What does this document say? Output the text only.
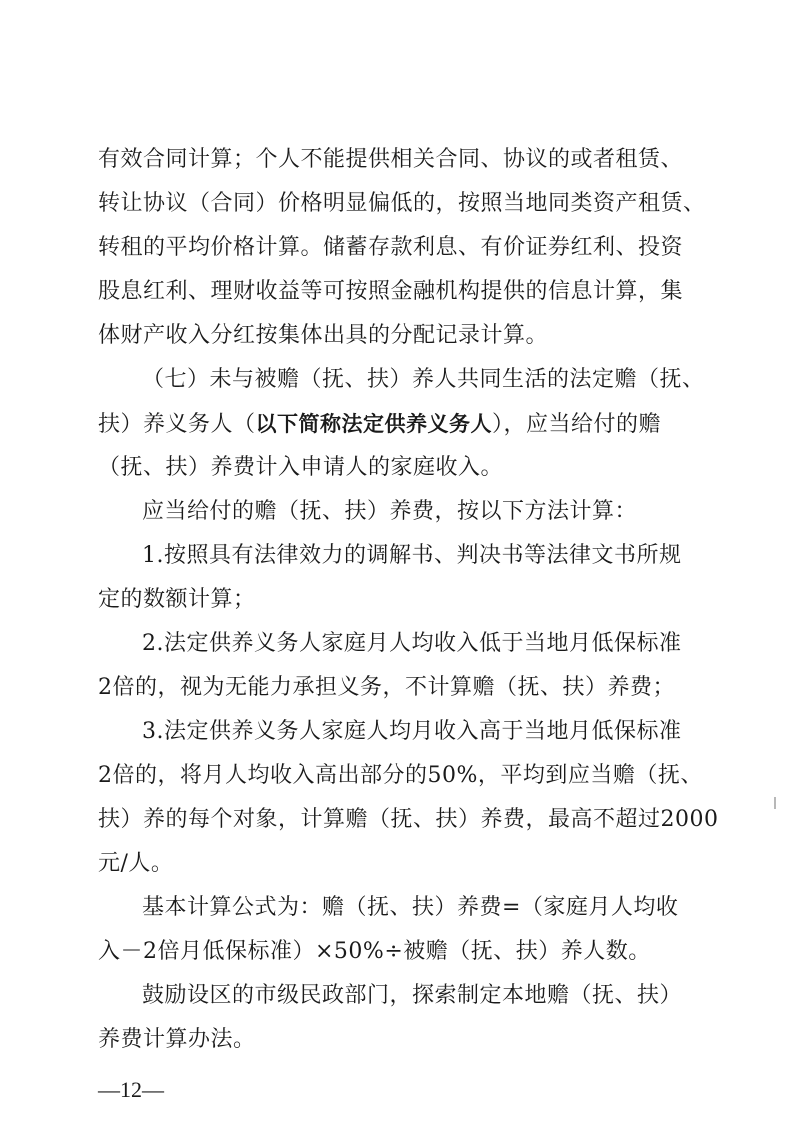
有效合同计算；个人不能提供相关合同、协议的或者租赁、
转让协议（合同）价格明显偏低的，按照当地同类资产租赁、
转租的平均价格计算。储蓄存款利息、有价证券红利、投资
股息红利、理财收益等可按照金融机构提供的信息计算，集
体财产收入分红按集体出具的分配记录计算。
（七）未与被赡（抚、扶）养人共同生活的法定赡（抚、
扶）养义务人（以下简称法定供养义务人），应当给付的赡
（抚、扶）养费计入申请人的家庭收入。
应当给付的赡（抚、扶）养费，按以下方法计算：
1.按照具有法律效力的调解书、判决书等法律文书所规
定的数额计算；
2.法定供养义务人家庭月人均收入低于当地月低保标准
2倍的，视为无能力承担义务，不计算赡（抚、扶）养费；
3.法定供养义务人家庭人均月收入高于当地月低保标准
2倍的，将月人均收入高出部分的50%，平均到应当赡（抚、
扶）养的每个对象，计算赡（抚、扶）养费，最高不超过2000
元/人。
基本计算公式为：赡（抚、扶）养费=（家庭月人均收
入－2倍月低保标准）×50%÷被赡（抚、扶）养人数。
鼓励设区的市级民政部门，探索制定本地赡（抚、扶）
养费计算办法。
—12—
